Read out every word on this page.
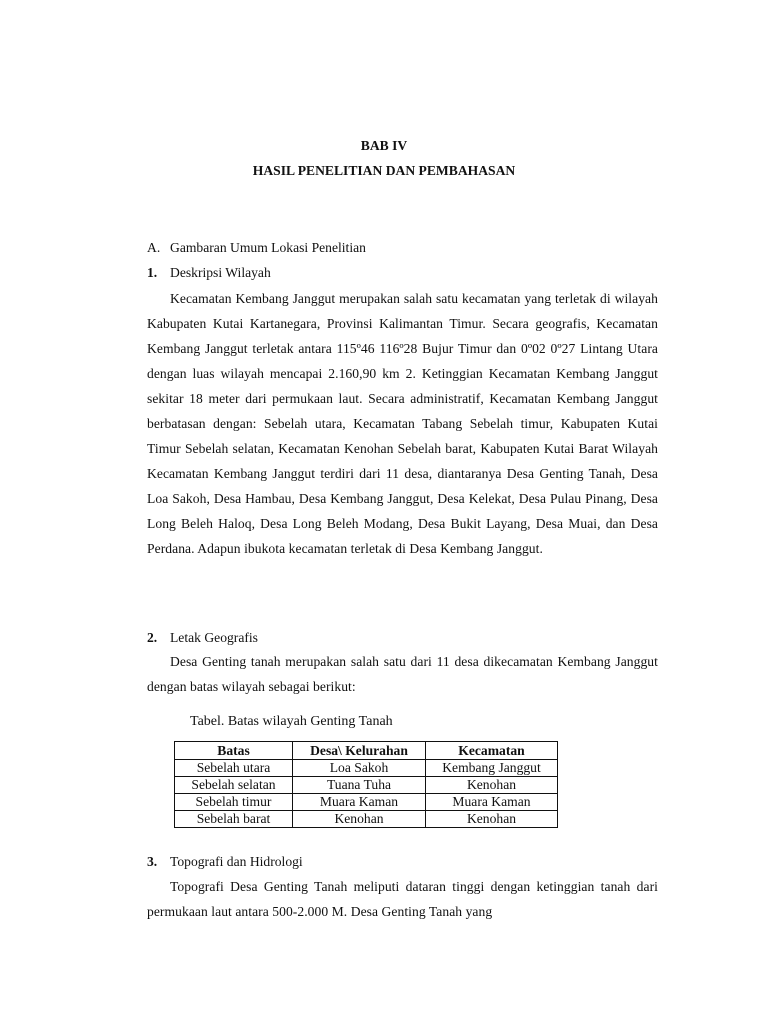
BAB IV
HASIL PENELITIAN DAN PEMBAHASAN
A. Gambaran Umum Lokasi Penelitian
1. Deskripsi Wilayah

Kecamatan Kembang Janggut merupakan salah satu kecamatan yang terletak di wilayah Kabupaten Kutai Kartanegara, Provinsi Kalimantan Timur. Secara geografis, Kecamatan Kembang Janggut terletak antara 115º46 116º28 Bujur Timur dan 0º02 0º27 Lintang Utara dengan luas wilayah mencapai 2.160,90 km 2. Ketinggian Kecamatan Kembang Janggut sekitar 18 meter dari permukaan laut. Secara administratif, Kecamatan Kembang Janggut berbatasan dengan: Sebelah utara, Kecamatan Tabang Sebelah timur, Kabupaten Kutai Timur Sebelah selatan, Kecamatan Kenohan Sebelah barat, Kabupaten Kutai Barat Wilayah Kecamatan Kembang Janggut terdiri dari 11 desa, diantaranya Desa Genting Tanah, Desa Loa Sakoh, Desa Hambau, Desa Kembang Janggut, Desa Kelekat, Desa Pulau Pinang, Desa Long Beleh Haloq, Desa Long Beleh Modang, Desa Bukit Layang, Desa Muai, dan Desa Perdana. Adapun ibukota kecamatan terletak di Desa Kembang Janggut.

2. Letak Geografis

Desa Genting tanah merupakan salah satu dari 11 desa dikecamatan Kembang Janggut dengan batas wilayah sebagai berikut:

Tabel. Batas wilayah Genting Tanah
Batas	Desa\ Kelurahan	Kecamatan
Sebelah utara	Loa Sakoh	Kembang Janggut
Sebelah selatan	Tuana Tuha	Kenohan
Sebelah timur	Muara Kaman	Muara Kaman
Sebelah barat	Kenohan	Kenohan
3. Topografi dan Hidrologi

Topografi Desa Genting Tanah meliputi dataran tinggi dengan ketinggian tanah dari permukaan laut antara 500-2.000 M. Desa Genting Tanah yang
